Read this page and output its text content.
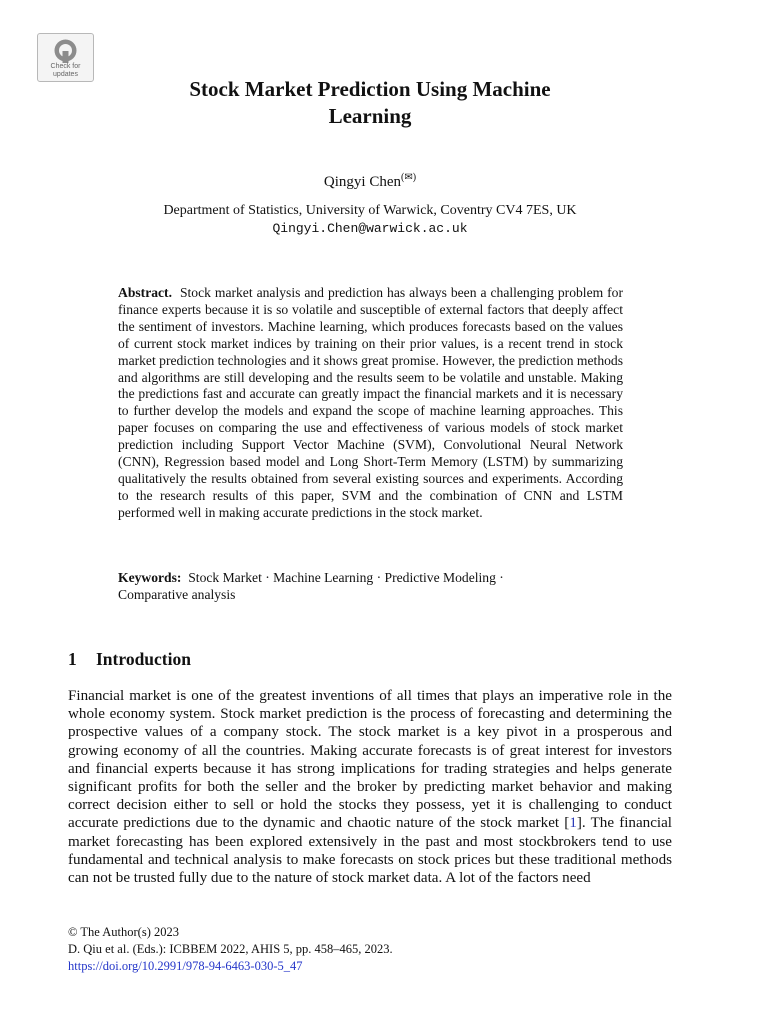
Check for
updates
Stock Market Prediction Using Machine
Learning
Qingyi Chen(✉)
Department of Statistics, University of Warwick, Coventry CV4 7ES, UK
Qingyi.Chen@warwick.ac.uk
Abstract. Stock market analysis and prediction has always been a challenging problem for finance experts because it is so volatile and susceptible of external factors that deeply affect the sentiment of investors. Machine learning, which produces forecasts based on the values of current stock market indices by training on their prior values, is a recent trend in stock market prediction technologies and it shows great promise. However, the prediction methods and algorithms are still developing and the results seem to be volatile and unstable. Making the predictions fast and accurate can greatly impact the financial markets and it is necessary to further develop the models and expand the scope of machine learning approaches. This paper focuses on comparing the use and effectiveness of various models of stock market prediction including Support Vector Machine (SVM), Convolutional Neural Network (CNN), Regression based model and Long Short-Term Memory (LSTM) by summarizing qualitatively the results obtained from several existing sources and experiments. According to the research results of this paper, SVM and the combination of CNN and LSTM performed well in making accurate predictions in the stock market.
Keywords: Stock Market · Machine Learning · Predictive Modeling ·
Comparative analysis
1 Introduction
Financial market is one of the greatest inventions of all times that plays an imperative role in the whole economy system. Stock market prediction is the process of forecasting and determining the prospective values of a company stock. The stock market is a key pivot in a prosperous and growing economy of all the countries. Making accurate forecasts is of great interest for investors and financial experts because it has strong implications for trading strategies and helps generate significant profits for both the seller and the broker by predicting market behavior and making correct decision either to sell or hold the stocks they possess, yet it is challenging to conduct accurate predictions due to the dynamic and chaotic nature of the stock market [1]. The financial market forecasting has been explored extensively in the past and most stockbrokers tend to use fundamental and technical analysis to make forecasts on stock prices but these traditional methods can not be trusted fully due to the nature of stock market data. A lot of the factors need
© The Author(s) 2023
D. Qiu et al. (Eds.): ICBBEM 2022, AHIS 5, pp. 458–465, 2023.
https://doi.org/10.2991/978-94-6463-030-5_47
